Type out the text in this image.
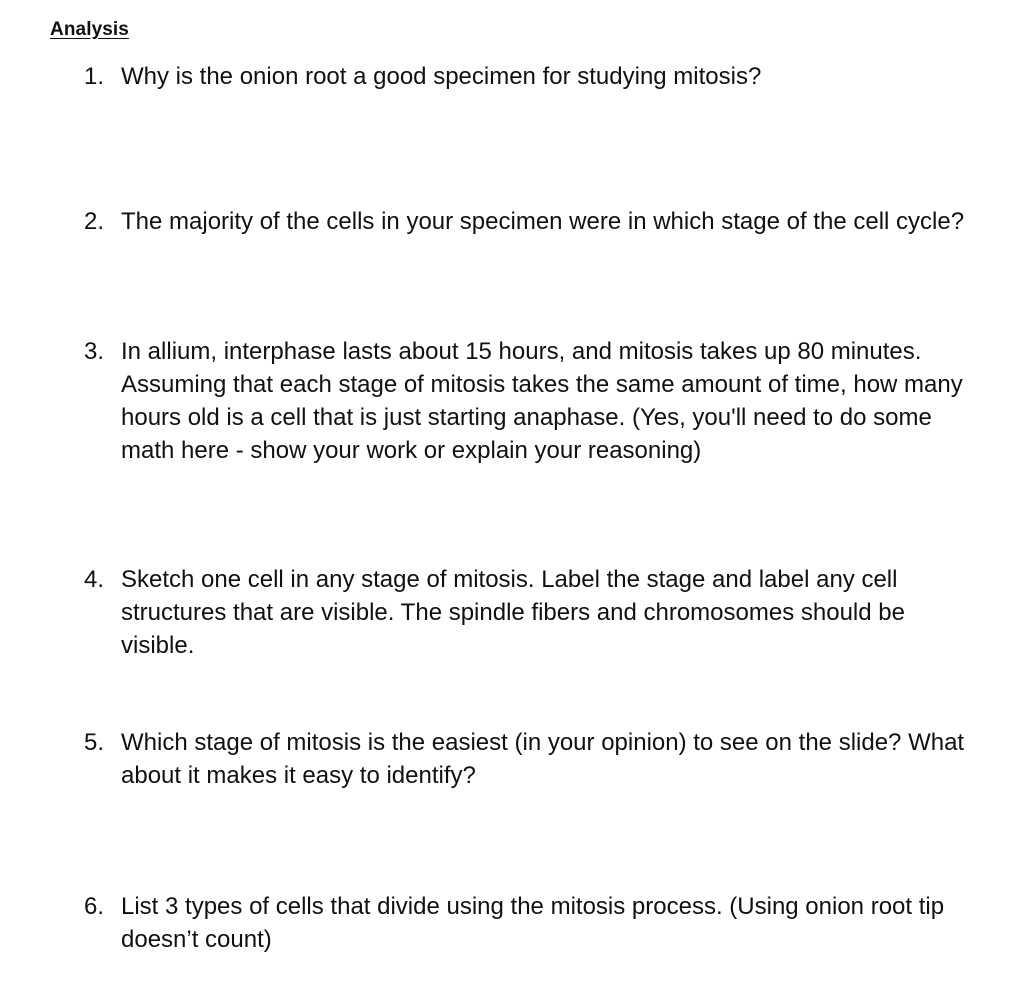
Analysis
1. Why is the onion root a good specimen for studying mitosis?
2. The majority of the cells in your specimen were in which stage of the cell cycle?
3. In allium, interphase lasts about 15 hours, and mitosis takes up 80 minutes. Assuming that each stage of mitosis takes the same amount of time, how many hours old is a cell that is just starting anaphase. (Yes, you'll need to do some math here - show your work or explain your reasoning)
4. Sketch one cell in any stage of mitosis. Label the stage and label any cell structures that are visible. The spindle fibers and chromosomes should be visible.
5. Which stage of mitosis is the easiest (in your opinion) to see on the slide? What about it makes it easy to identify?
6. List 3 types of cells that divide using the mitosis process. (Using onion root tip doesn’t count)
